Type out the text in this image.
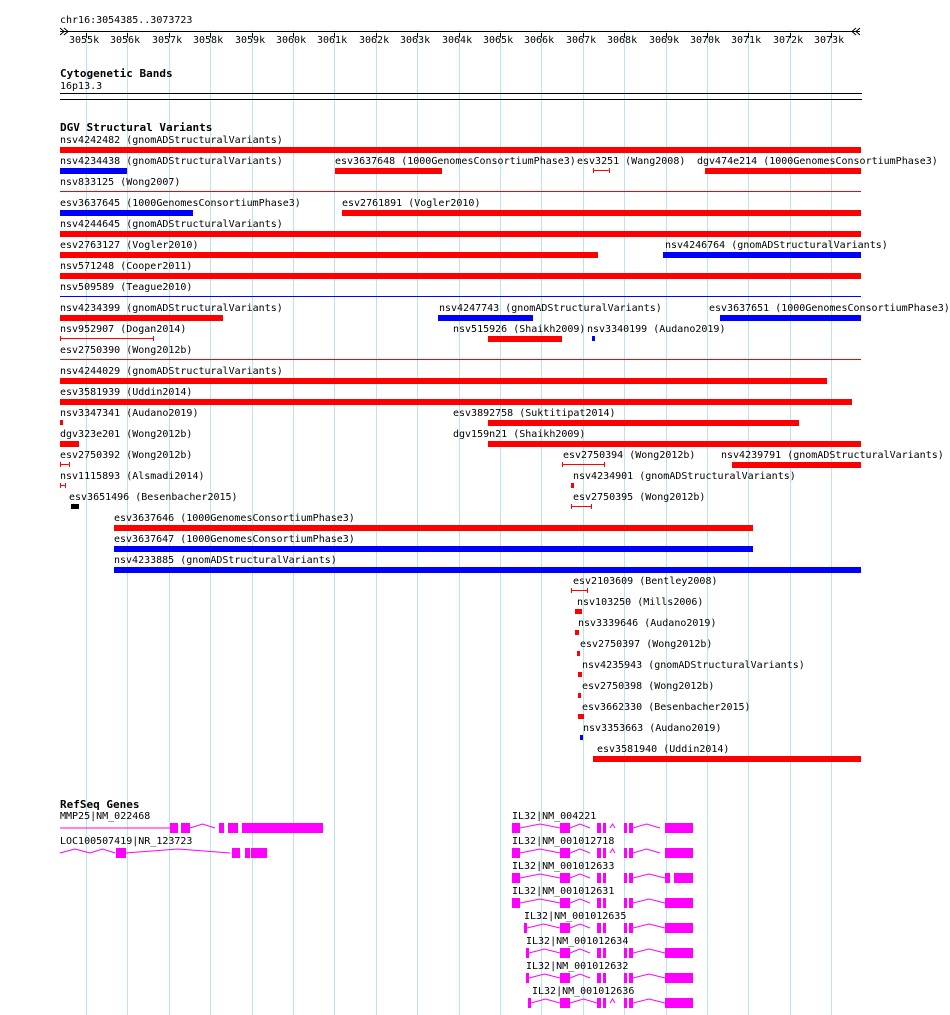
chr16:3054385..3073723
3055k 3056k 3057k 3058k 3059k 3060k 3061k 3062k 3063k 3064k 3065k 3066k 3067k 3068k 3069k 3070k 3071k 3072k 3073k
Cytogenetic Bands
16p13.3
DGV Structural Variants
nsv4242482 (gnomADStructuralVariants)
nsv4234438 (gnomADStructuralVariants)	esv3637648 (1000GenomesConsortiumPhase3) esv3251 (Wang2008) dgv474e214 (1000GenomesConsortiumPhase3)
nsv833125 (Wong2007)
esv3637645 (1000GenomesConsortiumPhase3)	esv2761891 (Vogler2010)
nsv4244645 (gnomADStructuralVariants)
esv2763127 (Vogler2010)	nsv4246764 (gnomADStructuralVariants)
nsv571248 (Cooper2011)
nsv509589 (Teague2010)
nsv4234399 (gnomADStructuralVariants)	nsv4247743 (gnomADStructuralVariants)	esv3637651 (1000GenomesConsortiumPhase3)
nsv952907 (Dogan2014)	nsv515926 (Shaikh2009) nsv3340199 (Audano2019)
esv2750390 (Wong2012b)
nsv4244029 (gnomADStructuralVariants)
esv3581939 (Uddin2014)
nsv3347341 (Audano2019)	esv3892758 (Suktitipat2014)
dgv323e201 (Wong2012b)	dgv159n21 (Shaikh2009)
esv2750392 (Wong2012b)	esv2750394 (Wong2012b)	nsv4239791 (gnomADStructuralVariants)
nsv1115893 (Alsmadi2014)	nsv4234901 (gnomADStructuralVariants)
esv3651496 (Besenbacher2015)	esv2750395 (Wong2012b)
esv3637646 (1000GenomesConsortiumPhase3)
esv3637647 (1000GenomesConsortiumPhase3)
nsv4233885 (gnomADStructuralVariants)
esv2103609 (Bentley2008)
nsv103250 (Mills2006)
nsv3339646 (Audano2019)
esv2750397 (Wong2012b)
nsv4235943 (gnomADStructuralVariants)
esv2750398 (Wong2012b)
esv3662330 (Besenbacher2015)
nsv3353663 (Audano2019)
esv3581940 (Uddin2014)
RefSeq Genes
MMP25|NM_022468
LOC100507419|NR_123723
IL32|NM_004221
IL32|NM_001012718
IL32|NM_001012633
IL32|NM_001012631
IL32|NM_001012635
IL32|NM_001012634
IL32|NM_001012632
IL32|NM_001012636
